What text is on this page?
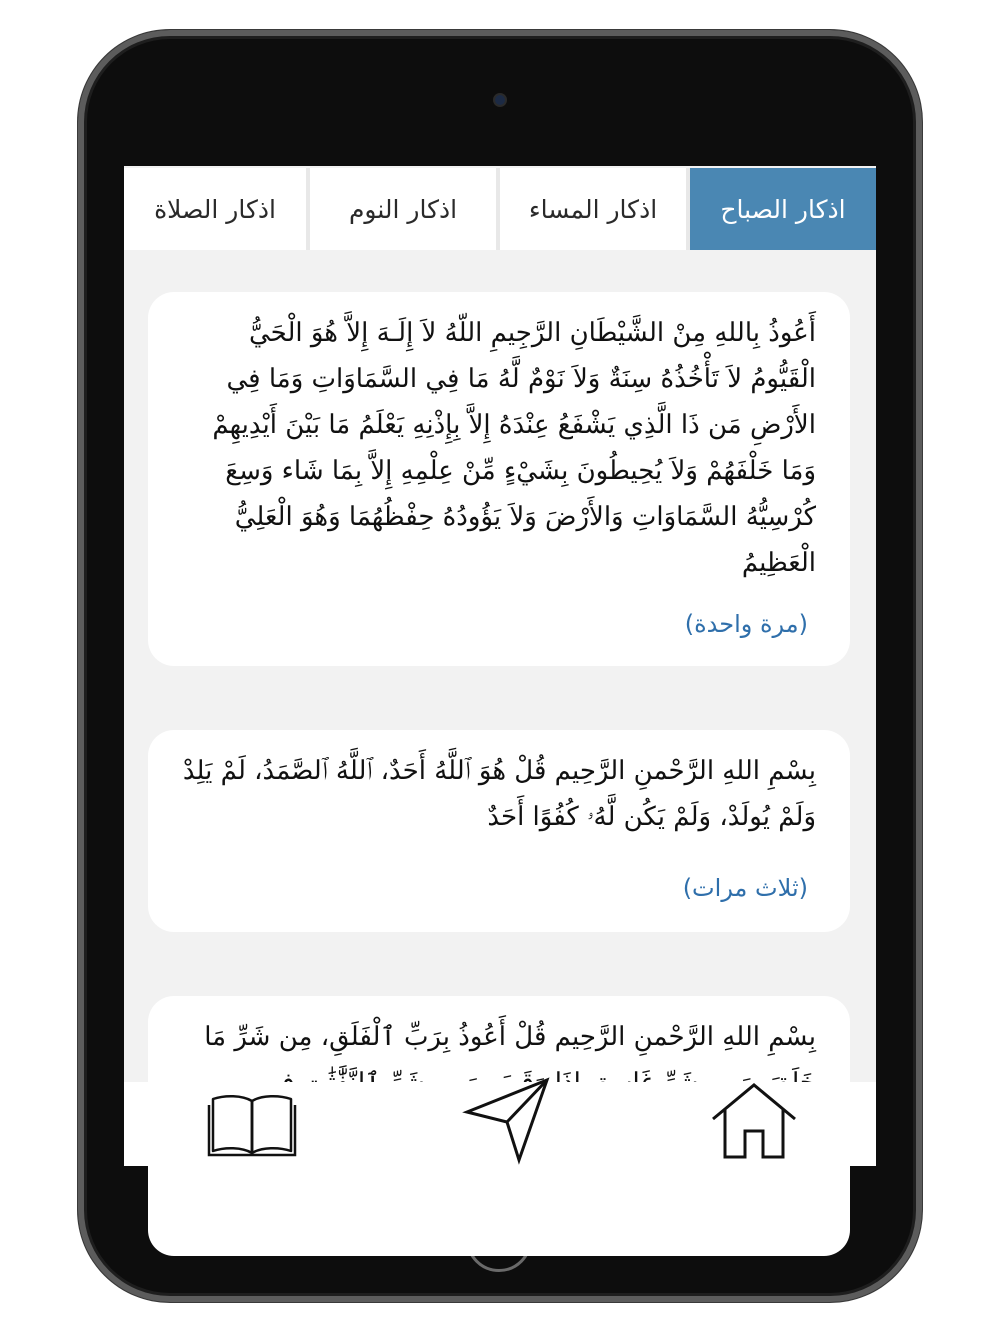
اذكار الصباح
اذكار المساء
اذكار النوم
اذكار الصلاة
أَعُوذُ بِاللهِ مِنْ الشَّيْطَانِ الرَّجِيمِ اللّهُ لاَ إِلَـهَ إِلاَّ هُوَ الْحَيُّ الْقَيُّومُ لاَ تَأْخُذُهُ سِنَةٌ وَلاَ نَوْمٌ لَّهُ مَا فِي السَّمَاوَاتِ وَمَا فِي الأَرْضِ مَن ذَا الَّذِي يَشْفَعُ عِنْدَهُ إِلاَّ بِإِذْنِهِ يَعْلَمُ مَا بَيْنَ أَيْدِيهِمْ وَمَا خَلْفَهُمْ وَلاَ يُحِيطُونَ بِشَيْءٍ مِّنْ عِلْمِهِ إِلاَّ بِمَا شَاء وَسِعَ كُرْسِيُّهُ السَّمَاوَاتِ وَالأَرْضَ وَلاَ يَؤُودُهُ حِفْظُهُمَا وَهُوَ الْعَلِيُّ الْعَظِيمُ
(مرة واحدة)
بِسْمِ اللهِ الرَّحْمنِ الرَّحِيم قُلْ هُوَ ٱللَّهُ أَحَدٌ، ٱللَّهُ ٱلصَّمَدُ، لَمْ يَلِدْ وَلَمْ يُولَدْ، وَلَمْ يَكُن لَّهُۥ كُفُوًا أَحَدٌ
(ثلاث مرات)
بِسْمِ اللهِ الرَّحْمنِ الرَّحِيم قُلْ أَعُوذُ بِرَبِّ ٱلْفَلَقِ، مِن شَرِّ مَا
